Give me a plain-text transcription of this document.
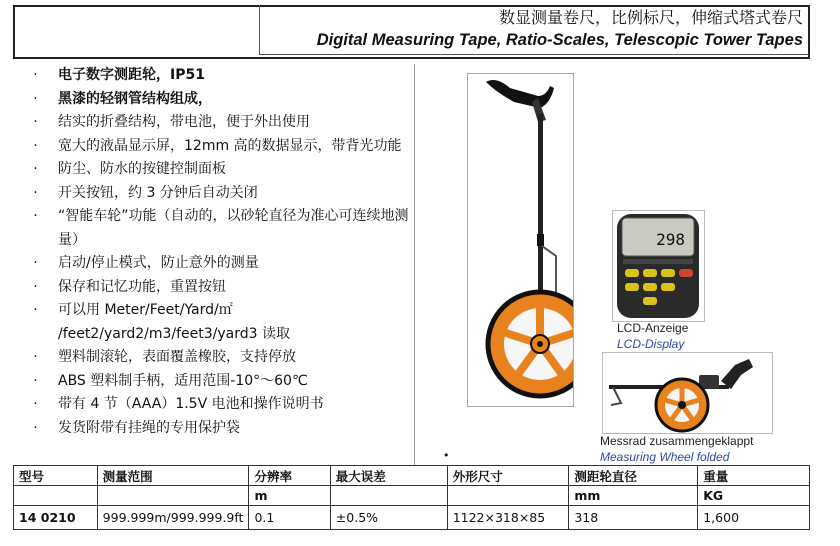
数显测量卷尺，比例标尺，伸缩式塔式卷尺
Digital Measuring Tape, Ratio-Scales, Telescopic Tower Tapes
·	电子数字测距轮，IP51
·	黑漆的轻钢管结构组成，
·	结实的折叠结构，带电池，便于外出使用
·	宽大的液晶显示屏，12mm 高的数据显示，带背光功能
·	防尘、防水的按键控制面板
·	开关按钮，约 3 分钟后自动关闭
·	“智能车轮”功能（自动的，以砂轮直径为准心可连续地测量）
·	启动/停止模式，防止意外的测量
·	保存和记忆功能，重置按钮
·	可以用 Meter/Feet/Yard/㎡ /feet2/yard2/m3/feet3/yard3 读取
·	塑料制滚轮，表面覆盖橡胶，支持停放
·	ABS 塑料制手柄，适用范围-10°～60℃
·	带有 4 节（AAA）1.5V 电池和操作说明书
·	发货附带有挂绳的专用保护袋
298
LCD-Anzeige
LCD-Display
Messrad zusammengeklappt
Measuring Wheel folded
•
型号	测量范围	分辨率	最大误差	外形尺寸	测距轮直径	重量
		m			mm	KG
14 0210	999.999m/999.999.9ft	0.1	±0.5%	1122×318×85	318	1,600
